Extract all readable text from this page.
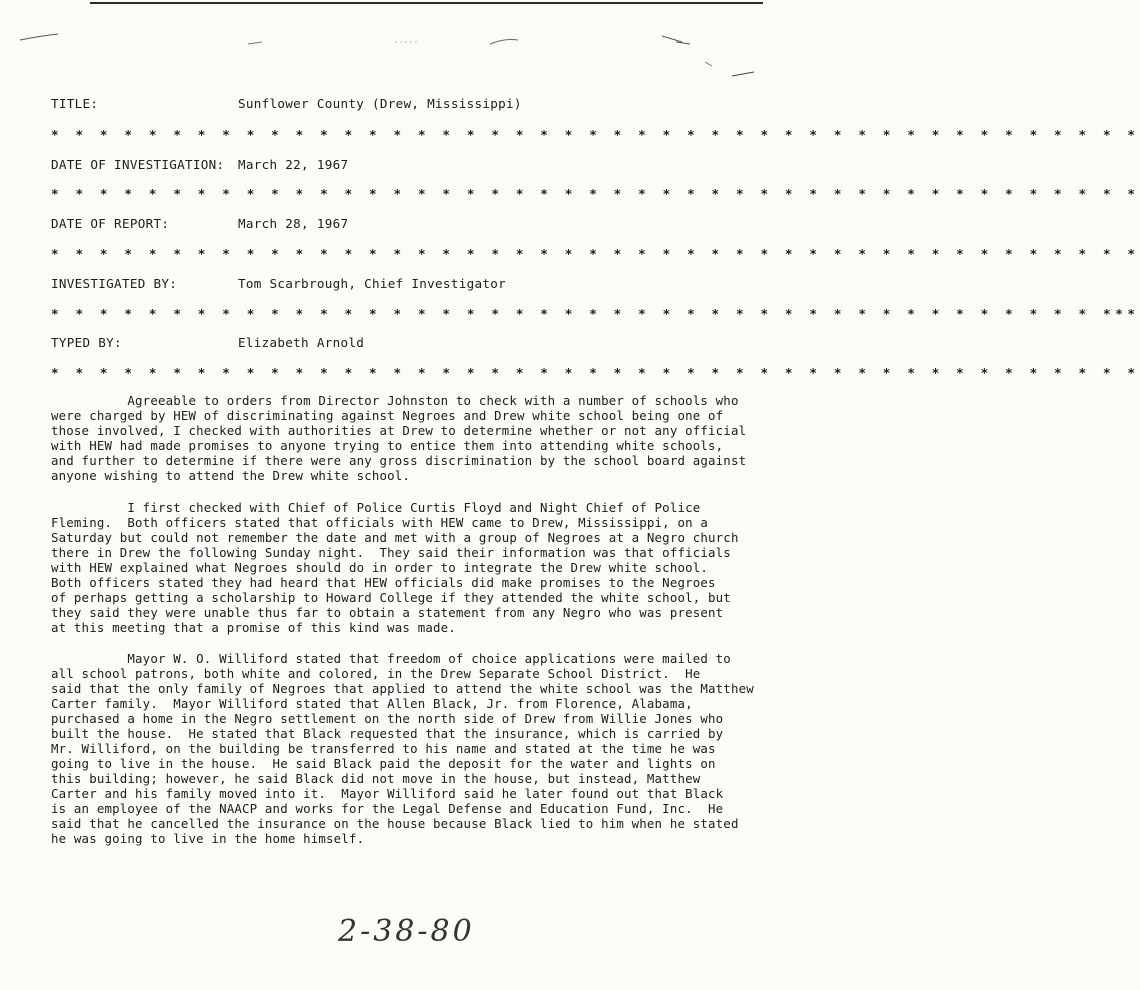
TITLE:	Sunflower County (Drew, Mississippi)
* * * * * * * * * * * * * * * * * * * * * * * * * * * * * * * * * * * * * * * * * * * * *
DATE OF INVESTIGATION: March 22, 1967
* * * * * * * * * * * * * * * * * * * * * * * * * * * * * * * * * * * * * * * * * * * * *
DATE OF REPORT:	March 28, 1967
* * * * * * * * * * * * * * * * * * * * * * * * * * * * * * * * * * * * * * * * * * * * *
INVESTIGATED BY:	Tom Scarbrough, Chief Investigator
* * * * * * * * * * * * * * * * * * * * * * * * * * * * * * * * * * * * * * * * * * * ***
TYPED BY:	Elizabeth Arnold
* * * * * * * * * * * * * * * * * * * * * * * * * * * * * * * * * * * * * * * * * * * * *
Agreeable to orders from Director Johnston to check with a number of schools who
were charged by HEW of discriminating against Negroes and Drew white school being one of
those involved, I checked with authorities at Drew to determine whether or not any official
with HEW had made promises to anyone trying to entice them into attending white schools,
and further to determine if there were any gross discrimination by the school board against
anyone wishing to attend the Drew white school.
I first checked with Chief of Police Curtis Floyd and Night Chief of Police
Fleming.  Both officers stated that officials with HEW came to Drew, Mississippi, on a
Saturday but could not remember the date and met with a group of Negroes at a Negro church
there in Drew the following Sunday night.  They said their information was that officials
with HEW explained what Negroes should do in order to integrate the Drew white school.
Both officers stated they had heard that HEW officials did make promises to the Negroes
of perhaps getting a scholarship to Howard College if they attended the white school, but
they said they were unable thus far to obtain a statement from any Negro who was present
at this meeting that a promise of this kind was made.
Mayor W. O. Williford stated that freedom of choice applications were mailed to
all school patrons, both white and colored, in the Drew Separate School District.  He
said that the only family of Negroes that applied to attend the white school was the Matthew
Carter family.  Mayor Williford stated that Allen Black, Jr. from Florence, Alabama,
purchased a home in the Negro settlement on the north side of Drew from Willie Jones who
built the house.  He stated that Black requested that the insurance, which is carried by
Mr. Williford, on the building be transferred to his name and stated at the time he was
going to live in the house.  He said Black paid the deposit for the water and lights on
this building; however, he said Black did not move in the house, but instead, Matthew
Carter and his family moved into it.  Mayor Williford said he later found out that Black
is an employee of the NAACP and works for the Legal Defense and Education Fund, Inc.  He
said that he cancelled the insurance on the house because Black lied to him when he stated
he was going to live in the home himself.
2-38-80
